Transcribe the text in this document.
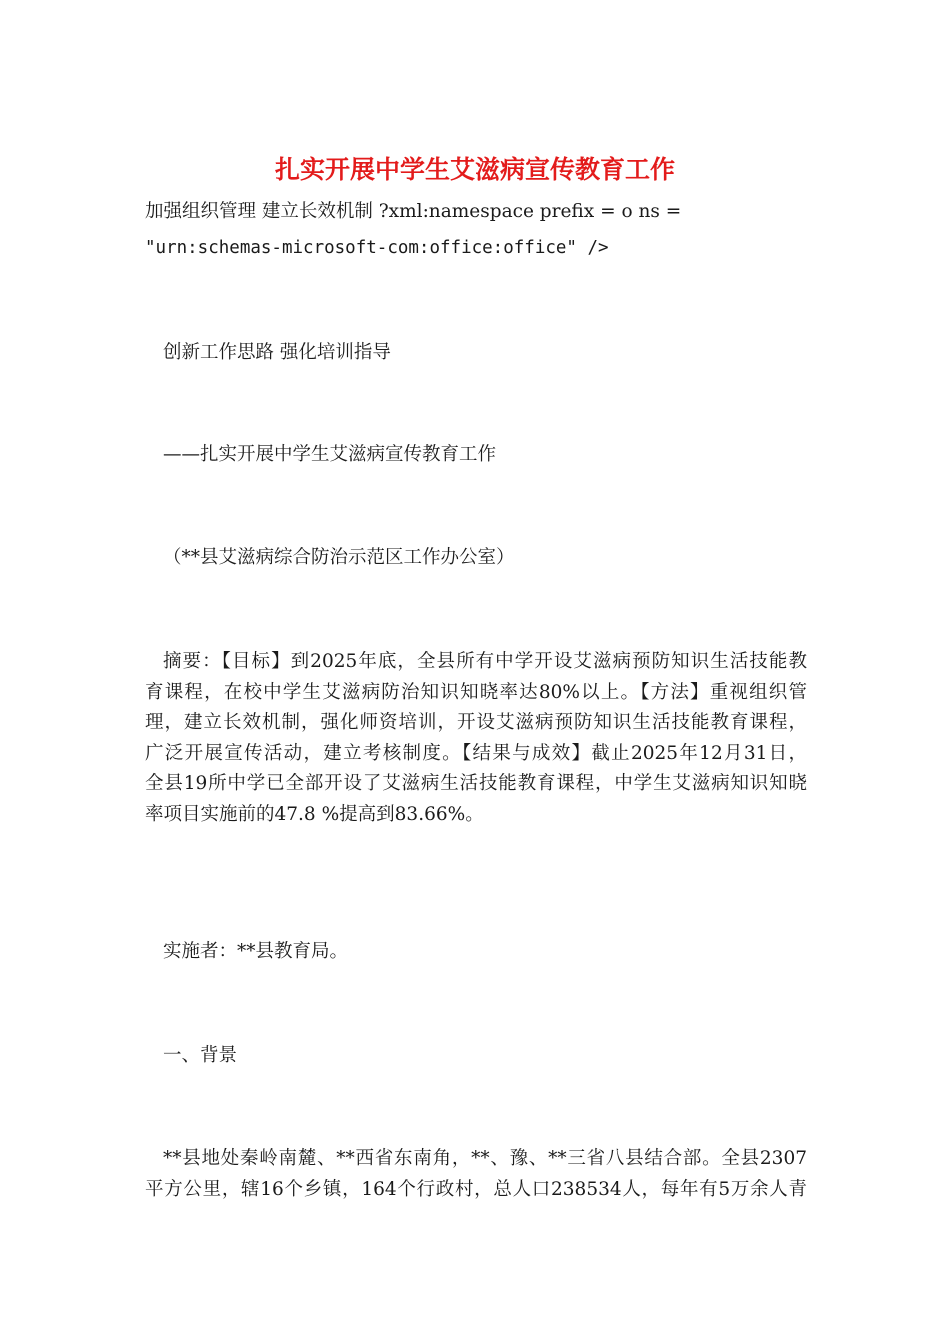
扎实开展中学生艾滋病宣传教育工作
加强组织管理 建立长效机制 ?xml:namespace prefix = o ns =
"urn:schemas-microsoft-com:office:office" />
创新工作思路 强化培训指导
——扎实开展中学生艾滋病宣传教育工作
（**县艾滋病综合防治示范区工作办公室）
摘要：【目标】到2025年底，全县所有中学开设艾滋病预防知识生活技能教
育课程，在校中学生艾滋病防治知识知晓率达80%以上。【方法】重视组织管
理，建立长效机制，强化师资培训，开设艾滋病预防知识生活技能教育课程，
广泛开展宣传活动，建立考核制度。【结果与成效】截止2025年12月31日，
全县19所中学已全部开设了艾滋病生活技能教育课程，中学生艾滋病知识知晓
率项目实施前的47.8 %提高到83.66%。
实施者：**县教育局。
一、背景
**县地处秦岭南麓、**西省东南角，**、豫、**三省八县结合部。全县2307
平方公里，辖16个乡镇，164个行政村，总人口238534人，每年有5万余人青
